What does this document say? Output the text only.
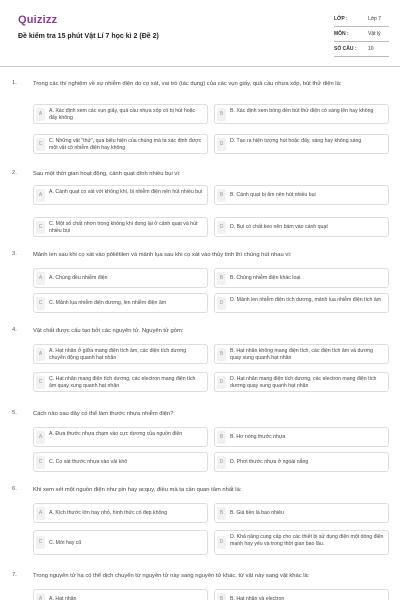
Quizizz
Đề kiểm tra 15 phút Vật Lí 7 học kì 2 (Đề 2)
LỚP :	Lớp 7
MÔN :	Vật lý
SỐ CÂU : 10
1.	Trong các thí nghiệm về sự nhiễm điện do cọ xát, vai trò (tác dụng) của các vụn giấy, quả cầu nhựa xốp, bút thử điện là:
A	A. Xác định xem các vụn giấy, quả cầu nhựa xốp có bị hút hoặc đẩy không
B	B. Xác định xem bóng đèn bút thử điện có sáng lên hay không
C	C. Những vật "thử", qua biểu hiện của chúng mà ta xác định được một vật có nhiễm điện hay không
D	D. Tạo ra hiện tượng hút hoặc đẩy, sáng hay không sáng
2.	Sau một thời gian hoạt động, cánh quạt dính nhiều bụi vì:
A	A. Cánh quạt cọ xát với không khí, bị nhiễm điện nên hút nhiều bụi	B	B. Cánh quạt bị ẩm nên hút nhiều bụi
C	C. Một số chất nhơn trong không khí đọng lại ở cánh quạt và hút nhiều bụi
D	D. Bụi có chất keo nên bám vào cánh quạt
3.	Mảnh len sau khi cọ xát vào pôliêtilen và mảnh lụa sau khi cọ xát vào thủy tinh thì chúng hút nhau vì:
A	A. Chúng đều nhiễm điện	B	B. Chúng nhiễm điện khác loại
C	C. Mảnh lụa nhiễm điện dương, len nhiễm điện âm	D	D. Mảnh len nhiễm điện tích dương, mảnh lụa nhiễm điện tích âm
4.	Vật chất được cấu tạo bởi các nguyên tử. Nguyên tử gồm:
A	A. Hạt nhân ở giữa mang điện tích âm, các điện tích dương chuyển động quanh hạt nhân
B	B. Hạt nhân không mang điện tích, các điện tích âm và dương quay xung quanh hạt nhân
C	C. Hạt nhân mang điện tích dương, các electron mang điện tích âm quay xung quanh hạt nhân
D	D. Hạt nhân mang điện tích dương, các electron mang điện tích dương quay xung quanh hạt nhân
5.	Cách nào sau đây có thể làm thước nhựa nhiễm điện?
A	A. Đưa thước nhựa chạm vào cực dương của nguồn điện	B	B. Hơ nóng thước nhựa
C	C. Cọ xát thước nhựa vào vải khô	D	D. Phơi thước nhựa ở ngoài nắng
6.	Khi xem xét một nguồn điện như pin hay acquy, điều mà ta cần quan tâm nhất là:
A	A. Kích thước lớn hay nhỏ, hình thức có đẹp không	B	B. Giá tiền là bao nhiêu
C	C. Mới hay cũ	D
D. Khả năng cung cấp cho các thiết bị sử dụng điện một dòng điện mạnh hay yếu và trong thời gian bao lâu.
7.	Trong nguyên tử hạ có thể dịch chuyển từ nguyên tử này sang nguyên tử khác, từ vật này sang vật khác là:
A	A. Hạt nhân	B	B. Hạt nhân và electron
